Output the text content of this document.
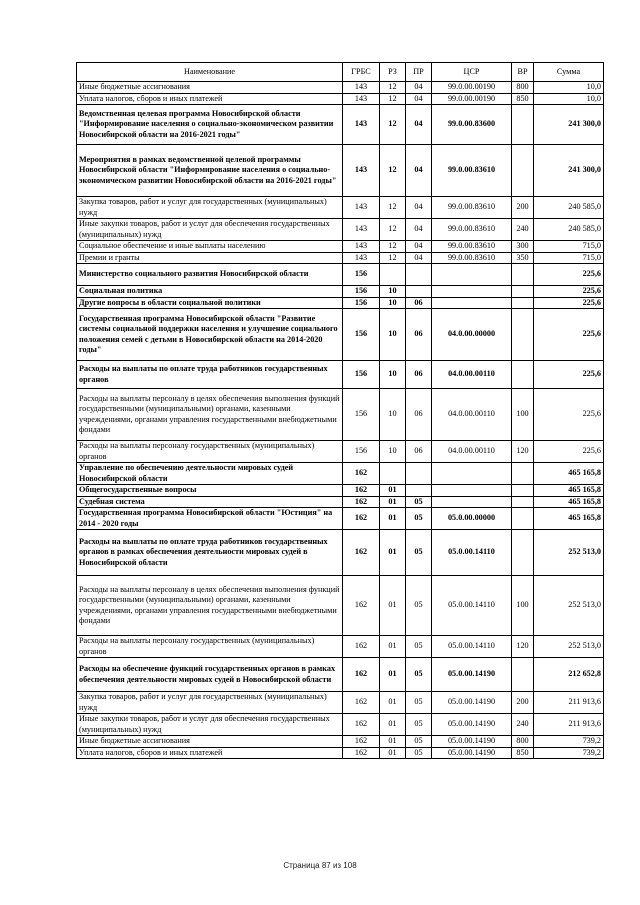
Наименование	ГРБС	РЗ	ПР	ЦСР	ВР	Сумма
Иные бюджетные ассигнования	143	12	04	99.0.00.00190	800	10,0
Уплата налогов, сборов и иных платежей	143	12	04	99.0.00.00190	850	10,0
Ведомственная целевая программа Новосибирской области "Информирование населения о социально-экономическом развитии Новосибирской области на 2016-2021 годы"	143	12	04	99.0.00.83600		241 300,0
Мероприятия в рамках ведомственной целевой программы Новосибирской области "Информирование населения о социально-экономическом развитии Новосибирской области на 2016-2021 годы"	143	12	04	99.0.00.83610		241 300,0
Закупка товаров, работ и услуг для государственных (муниципальных) нужд	143	12	04	99.0.00.83610	200	240 585,0
Иные закупки товаров, работ и услуг для обеспечения государственных (муниципальных) нужд	143	12	04	99.0.00.83610	240	240 585,0
Социальное обеспечение и иные выплаты населению	143	12	04	99.0.00.83610	300	715,0
Премии и гранты	143	12	04	99.0.00.83610	350	715,0
Министерство социального развития Новосибирской области	156					225,6
Социальная политика	156	10				225,6
Другие вопросы в области социальной политики	156	10	06			225,6
Государственная программа Новосибирской области "Развитие системы социальной поддержки населения и улучшение социального положения семей с детьми в Новосибирской области на 2014-2020 годы"	156	10	06	04.0.00.00000		225,6
Расходы на выплаты по оплате труда работников государственных органов	156	10	06	04.0.00.00110		225,6
Расходы на выплаты персоналу в целях обеспечения выполнения функций государственными (муниципальными) органами, казенными учреждениями, органами управления государственными внебюджетными фондами	156	10	06	04.0.00.00110	100	225,6
Расходы на выплаты персоналу государственных (муниципальных) органов	156	10	06	04.0.00.00110	120	225,6
Управление по обеспечению деятельности мировых судей Новосибирской области	162					465 165,8
Общегосударственные вопросы	162	01				465 165,8
Судебная система	162	01	05			465 165,8
Государственная программа Новосибирской области "Юстиция" на 2014 - 2020 годы	162	01	05	05.0.00.00000		465 165,8
Расходы на выплаты по оплате труда работников государственных органов в рамках обеспечения деятельности мировых судей в Новосибирской области	162	01	05	05.0.00.14110		252 513,0
Расходы на выплаты персоналу в целях обеспечения выполнения функций государственными (муниципальными) органами, казенными учреждениями, органами управления государственными внебюджетными фондами	162	01	05	05.0.00.14110	100	252 513,0
Расходы на выплаты персоналу государственных (муниципальных) органов	162	01	05	05.0.00.14110	120	252 513,0
Расходы на обеспечение функций государственных органов в рамках обеспечения деятельности мировых судей в Новосибирской области	162	01	05	05.0.00.14190		212 652,8
Закупка товаров, работ и услуг для государственных (муниципальных) нужд	162	01	05	05.0.00.14190	200	211 913,6
Иные закупки товаров, работ и услуг для обеспечения государственных (муниципальных) нужд	162	01	05	05.0.00.14190	240	211 913,6
Иные бюджетные ассигнования	162	01	05	05.0.00.14190	800	739,2
Уплата налогов, сборов и иных платежей	162	01	05	05.0.00.14190	850	739,2
Страница 87 из 108
